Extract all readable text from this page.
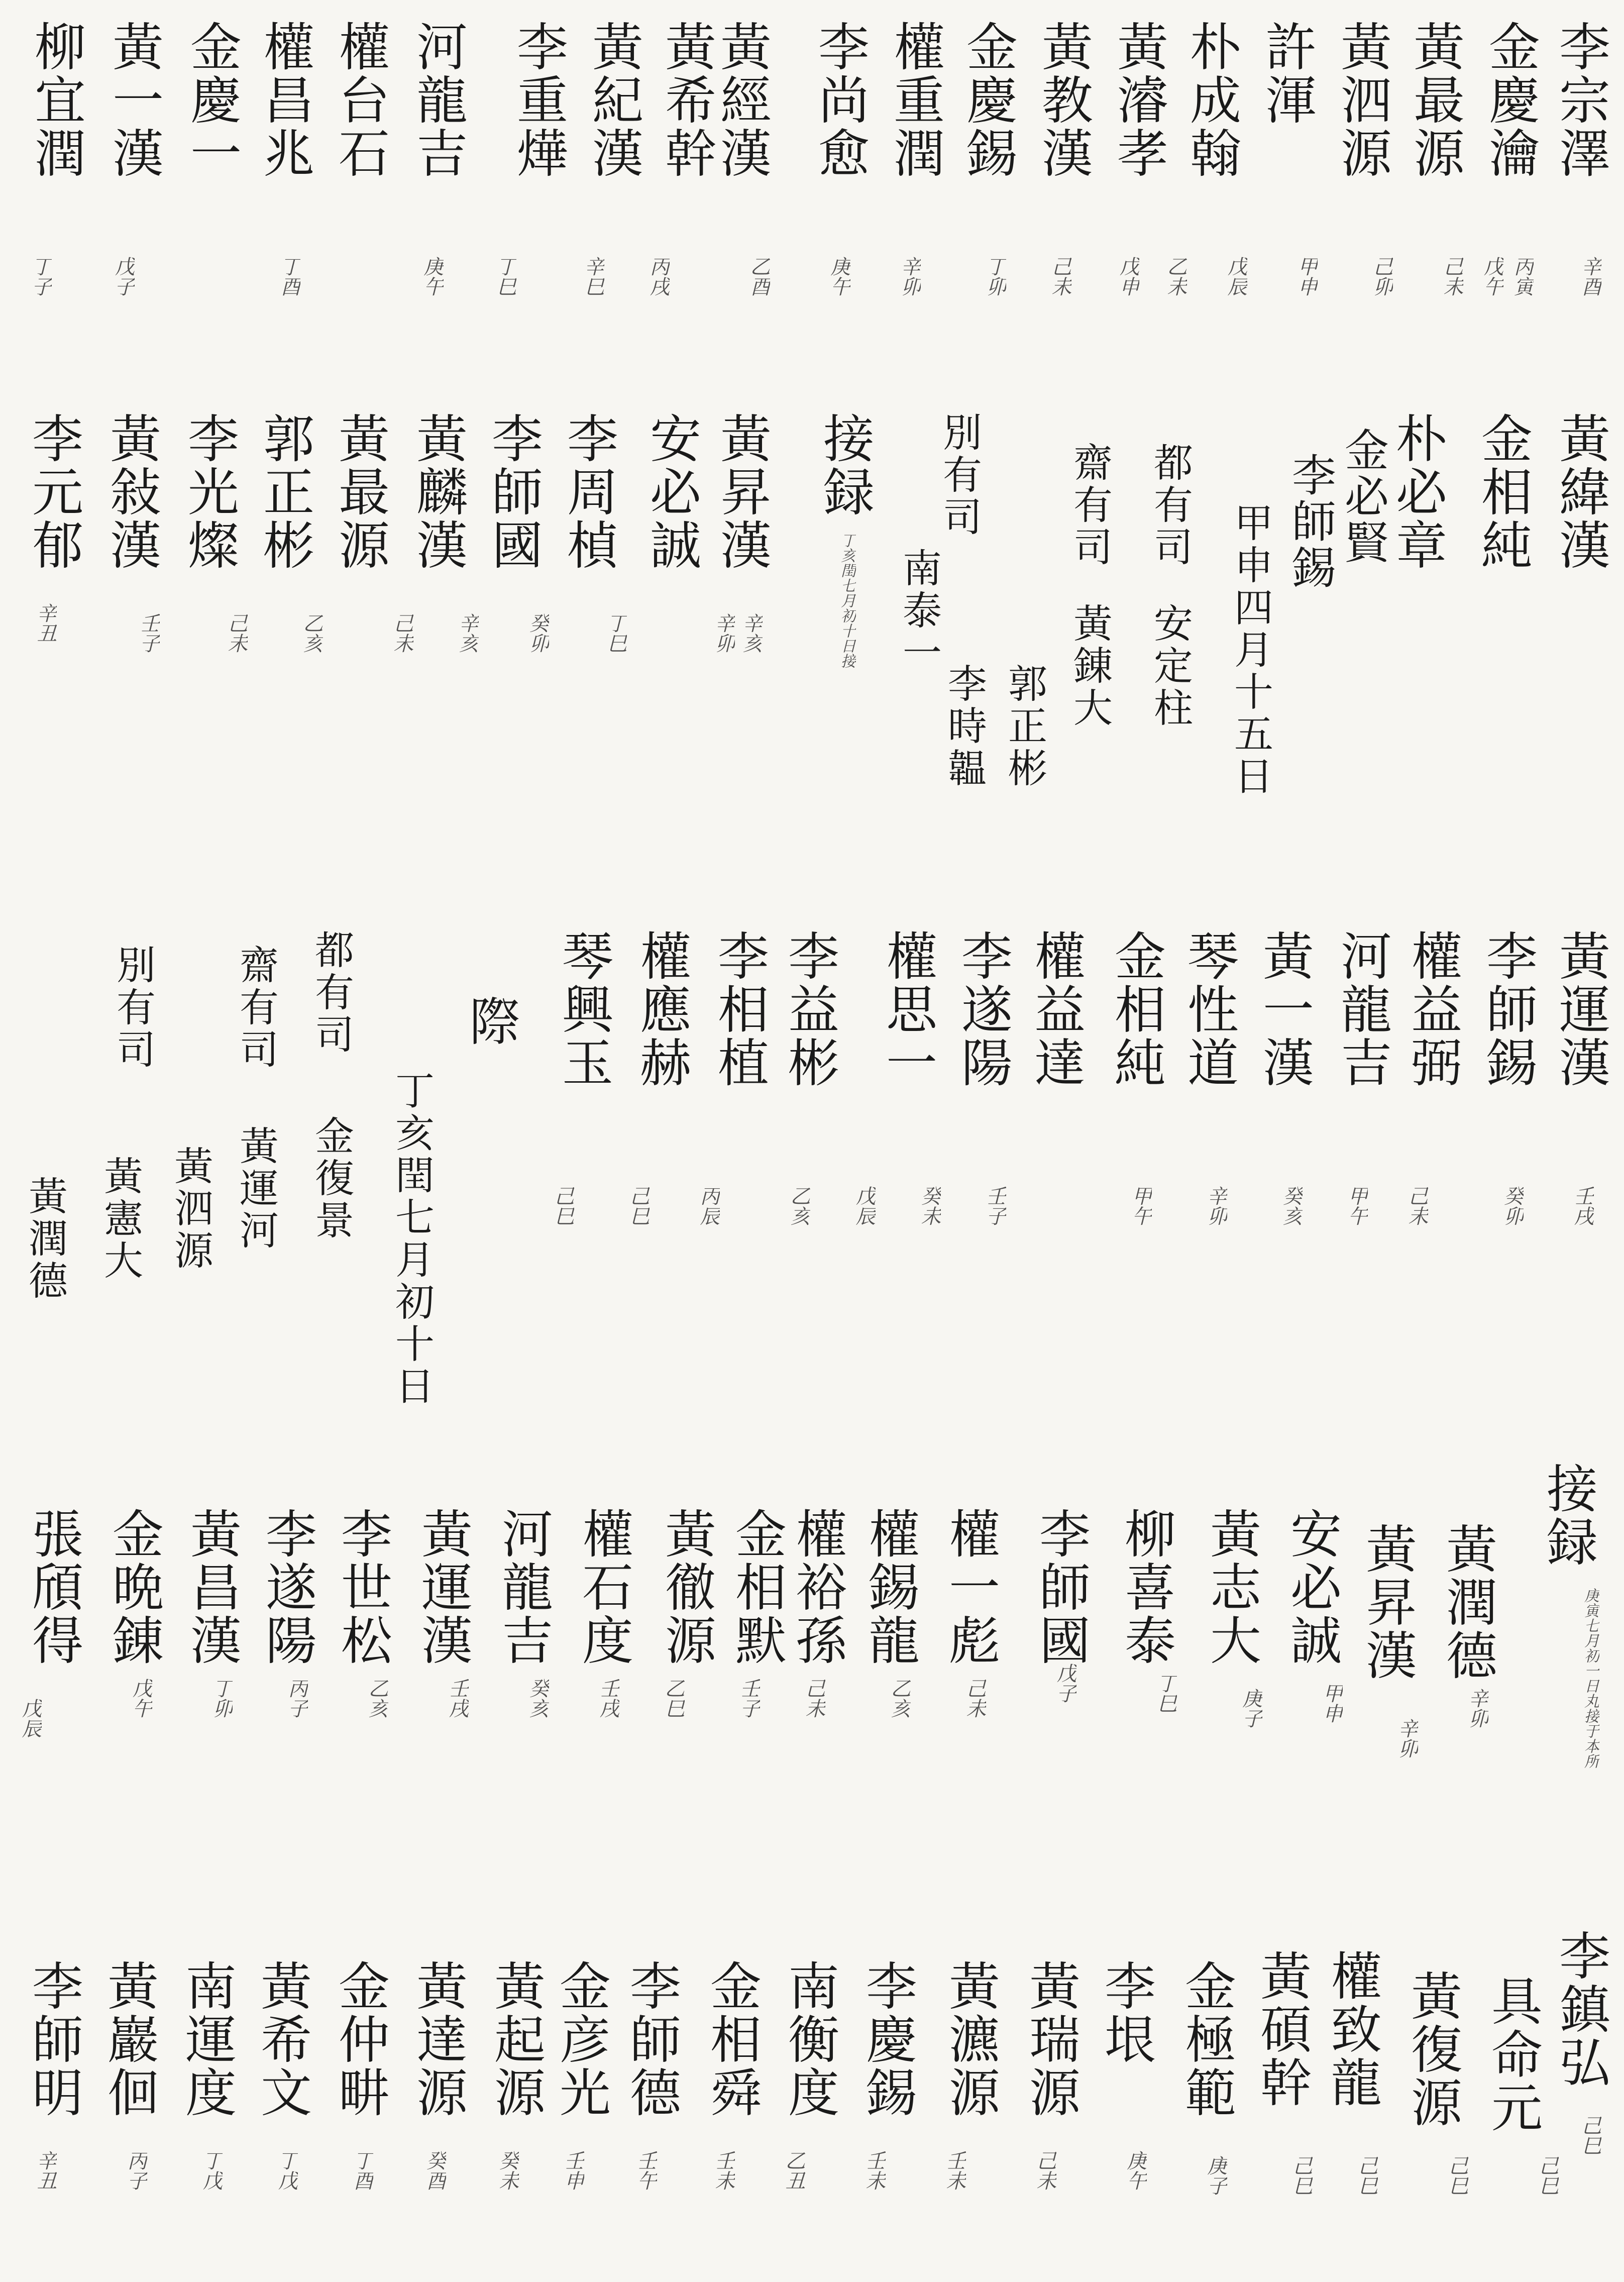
李宗澤
金慶瀹
黃最源
黃泗源
許渾
朴成翰
黃濬孝
黃教漢
金慶錫
權重潤
李尚愈
黃經漢
黃希幹
黃紀漢
李重燁
河龍吉
權台石
權昌兆
金慶一
黃一漢
柳宜潤
辛酉
丙寅
戊午
己未
己卯
甲申
戊辰
乙未
戊申
己未
丁卯
辛卯
庚午
乙酉
丙戌
辛巳
丁巳
庚午
丁酉
戊子
丁子
黃緯漢
金相純
朴必章
金必賢
李師錫
甲申四月十五日
都有司
安定柱
齋有司
黃錬大
郭正彬
別有司
南泰一
李時韞
接録
丁亥閏七月初十日接
黃昇漢
安必誠
李周楨
李師國
黃麟漢
黃最源
郭正彬
李光燦
黃敍漢
李元郁
辛亥
辛卯
丁巳
癸卯
辛亥
己未
乙亥
己未
壬子
辛丑
黃運漢
李師錫
權益弼
河龍吉
黃一漢
琴性道
金相純
權益達
李遂陽
權思一
李益彬
李相植
權應赫
琴興玉
壬戌
癸卯
己未
甲午
癸亥
辛卯
甲午
壬子
癸未
戊辰
乙亥
丙辰
己巳
己巳
際
丁亥閏七月初十日
都有司
金復景
黃運河
黃泗源
齋有司
黃憲大
別有司
黃潤德
接録
庚寅七月初一日丸接于本所
黃潤德
黃昇漢
安必誠
黃志大
柳喜泰
李師國
權一彪
權錫龍
權裕孫
金相默
黃徹源
權石度
河龍吉
黃運漢
李世松
李遂陽
黃昌漢
金晩錬
張頎得
辛卯
辛卯
甲申
庚子
丁巳
戊子
己未
乙亥
己未
壬子
乙巳
壬戌
癸亥
壬戌
乙亥
丙子
丁卯
戊午
戊辰
李鎮弘
具命元
黃復源
權致龍
黃碩幹
金極範
李垠
黃瑞源
黃瀌源
李慶錫
南衡度
金相舜
李師德
金彦光
黃起源
黃達源
金仲畊
黃希文
南運度
黃巖佪
李師明
己巳
己巳
己巳
己巳
己巳
庚子
庚午
己未
壬未
壬未
乙丑
壬未
壬午
壬申
癸未
癸酉
丁酉
丁戊
丁戊
丙子
辛丑
